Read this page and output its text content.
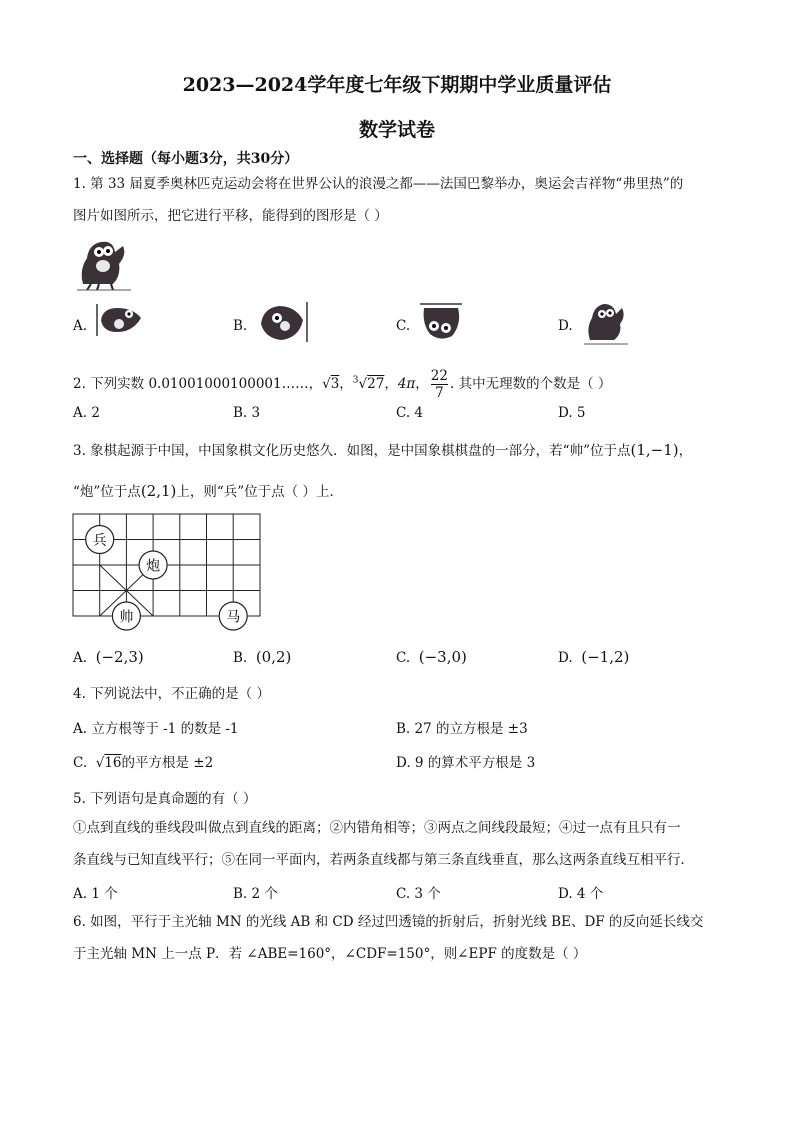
2023—2024学年度七年级下期期中学业质量评估
数学试卷
一、选择题（每小题3分，共30分）
1. 第 33 届夏季奥林匹克运动会将在世界公认的浪漫之都——法国巴黎举办，奥运会吉祥物“弗里热”的
图片如图所示，把它进行平移，能得到的图形是（ ）
A.	B.	C.	D.
2. 下列实数 0.01001000100001……，√3，$^3$√27，4π， $\frac{22}{7}$ . 其中无理数的个数是（ ）
A. 2	B. 3	C. 4	D. 5
3. 象棋起源于中国，中国象棋文化历史悠久．如图，是中国象棋棋盘的一部分，若“帅”位于点(1,−1)，
“炮”位于点(2,1)上，则“兵”位于点（ ）上．
兵
炮
帅	马
A. (−2,3)	B. (0,2)	C. (−3,0)	D. (−1,2)
4. 下列说法中，不正确的是（ ）
A. 立方根等于 -1 的数是 -1	B. 27 的立方根是 ±3
C.  √16的平方根是 ±2	D. 9 的算术平方根是 3
5. 下列语句是真命题的有（ ）
①点到直线的垂线段叫做点到直线的距离；②内错角相等；③两点之间线段最短；④过一点有且只有一
条直线与已知直线平行；⑤在同一平面内，若两条直线都与第三条直线垂直，那么这两条直线互相平行．
A. 1 个	B. 2 个	C. 3 个	D. 4 个
6. 如图，平行于主光轴 MN 的光线 AB 和 CD 经过凹透镜的折射后，折射光线 BE、DF 的反向延长线交
于主光轴 MN 上一点 P．若 ∠ABE=160°，∠CDF=150°，则∠EPF 的度数是（ ）
